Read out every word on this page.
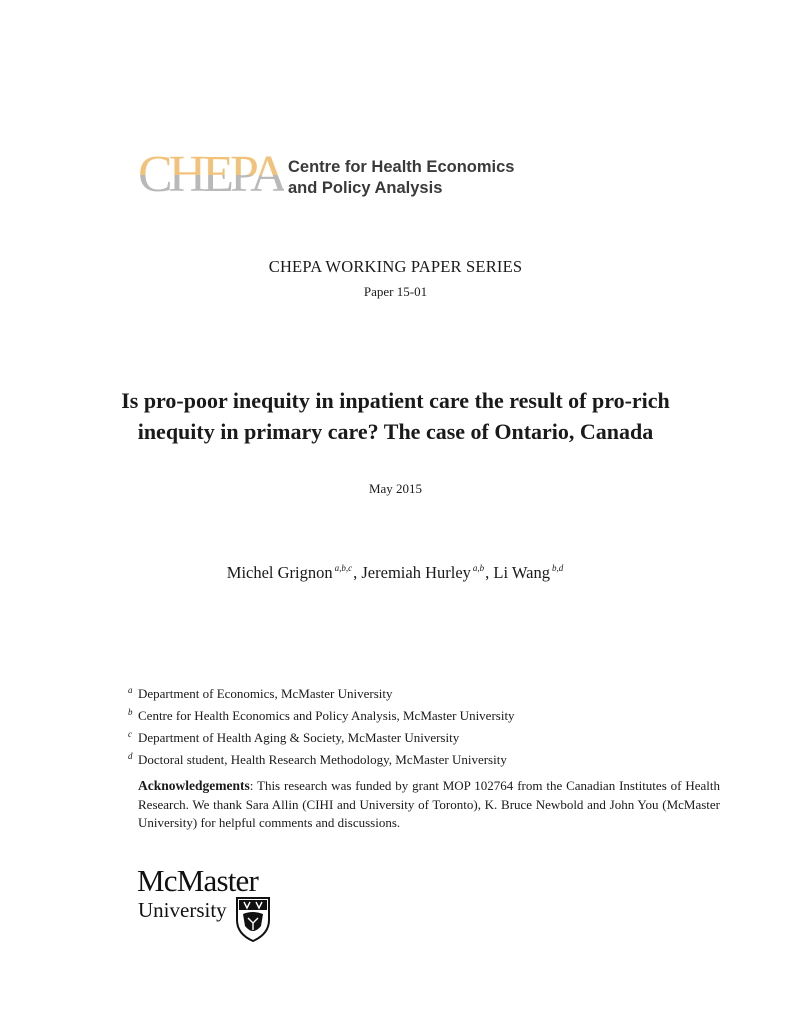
CHEPA Centre for Health Economics
and Policy Analysis
CHEPA WORKING PAPER SERIES
Paper 15-01
Is pro-poor inequity in inpatient care the result of pro-rich inequity in primary care? The case of Ontario, Canada
May 2015
Michel Grignon $^{a,b,c}$, Jeremiah Hurley $^{a,b}$, Li Wang $^{b,d}$
$^a$ Department of Economics, McMaster University
$^b$ Centre for Health Economics and Policy Analysis, McMaster University
$^c$ Department of Health Aging & Society, McMaster University
$^d$ Doctoral student, Health Research Methodology, McMaster University
Acknowledgements: This research was funded by grant MOP 102764 from the Canadian Institutes of Health Research. We thank Sara Allin (CIHI and University of Toronto), K. Bruce Newbold and John You (McMaster University) for helpful comments and discussions.
McMaster
University
